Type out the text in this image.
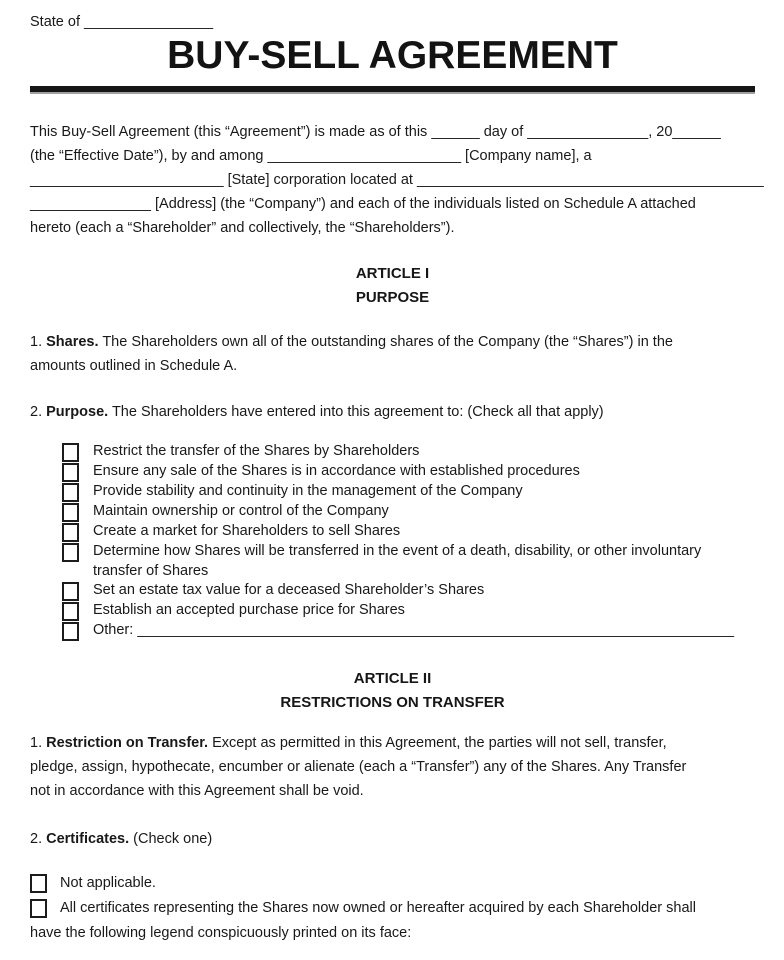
State of ________________
BUY-SELL AGREEMENT
This Buy-Sell Agreement (this “Agreement”) is made as of this ______ day of _______________, 20______
(the “Effective Date”), by and among ________________________ [Company name], a
________________________ [State] corporation located at ___________________________________________
_______________ [Address] (the “Company”) and each of the individuals listed on Schedule A attached
hereto (each a “Shareholder” and collectively, the “Shareholders”).
ARTICLE I
PURPOSE
1. Shares. The Shareholders own all of the outstanding shares of the Company (the “Shares”) in the
amounts outlined in Schedule A.
2. Purpose. The Shareholders have entered into this agreement to: (Check all that apply)
Restrict the transfer of the Shares by Shareholders
Ensure any sale of the Shares is in accordance with established procedures
Provide stability and continuity in the management of the Company
Maintain ownership or control of the Company
Create a market for Shareholders to sell Shares
Determine how Shares will be transferred in the event of a death, disability, or other involuntary
transfer of Shares
Set an estate tax value for a deceased Shareholder’s Shares
Establish an accepted purchase price for Shares
Other: __________________________________________________________________________
ARTICLE II
RESTRICTIONS ON TRANSFER
1. Restriction on Transfer. Except as permitted in this Agreement, the parties will not sell, transfer,
pledge, assign, hypothecate, encumber or alienate (each a “Transfer”) any of the Shares. Any Transfer
not in accordance with this Agreement shall be void.
2. Certificates. (Check one)
Not applicable.
All certificates representing the Shares now owned or hereafter acquired by each Shareholder shall
have the following legend conspicuously printed on its face:
